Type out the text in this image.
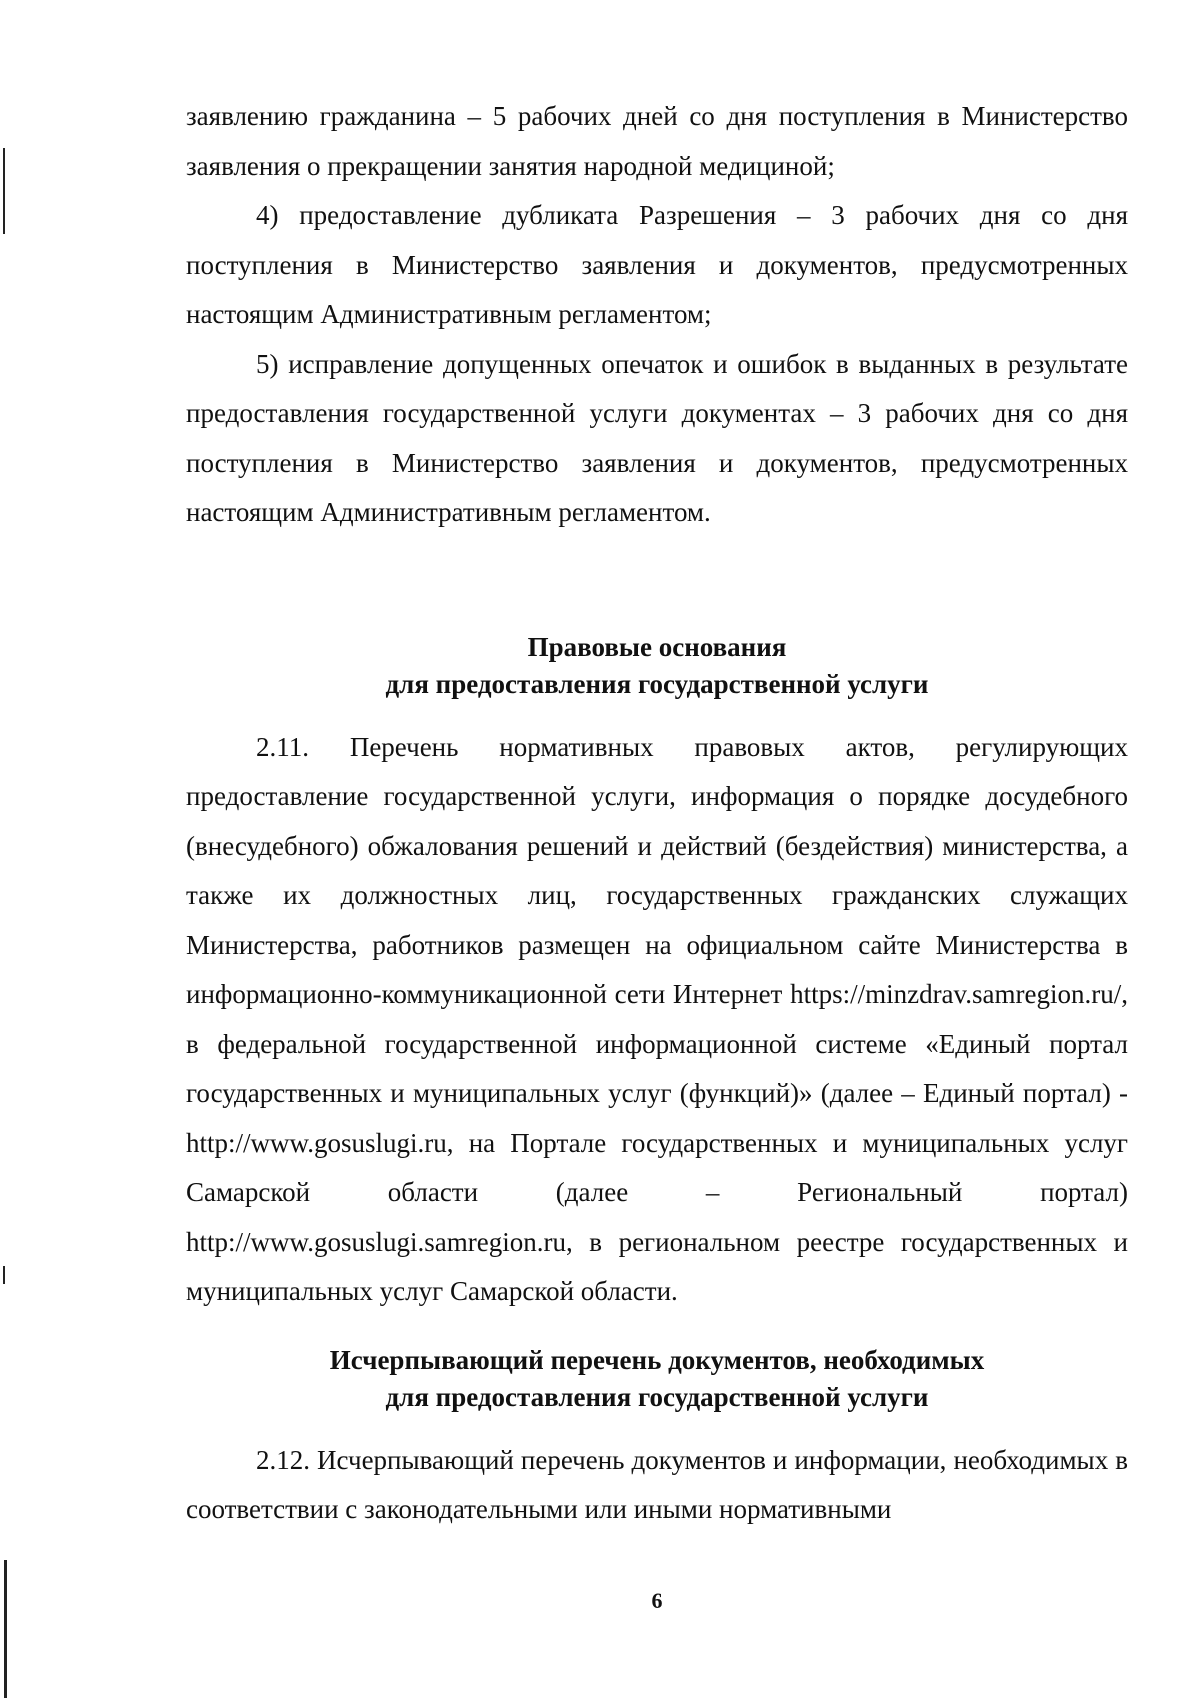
заявлению гражданина – 5 рабочих дней со дня поступления в Министерство заявления о прекращении занятия народной медициной;

4) предоставление дубликата Разрешения – 3 рабочих дня со дня поступления в Министерство заявления и документов, предусмотренных настоящим Административным регламентом;

5) исправление допущенных опечаток и ошибок в выданных в результате предоставления государственной услуги документах – 3 рабочих дня со дня поступления в Министерство заявления и документов, предусмотренных настоящим Административным регламентом.

Правовые основания
для предоставления государственной услуги

2.11. Перечень нормативных правовых актов, регулирующих предоставление государственной услуги, информация о порядке досудебного (внесудебного) обжалования решений и действий (бездействия) министерства, а также их должностных лиц, государственных гражданских служащих Министерства, работников размещен на официальном сайте Министерства в информационно-коммуникационной сети Интернет https://minzdrav.samregion.ru/, в федеральной государственной информационной системе «Единый портал государственных и муниципальных услуг (функций)» (далее – Единый портал) - http://www.gosuslugi.ru, на Портале государственных и муниципальных услуг Самарской области (далее – Региональный портал) http://www.gosuslugi.samregion.ru, в региональном реестре государственных и муниципальных услуг Самарской области.

Исчерпывающий перечень документов, необходимых
для предоставления государственной услуги

2.12. Исчерпывающий перечень документов и информации, необходимых в соответствии с законодательными или иными нормативными

6
